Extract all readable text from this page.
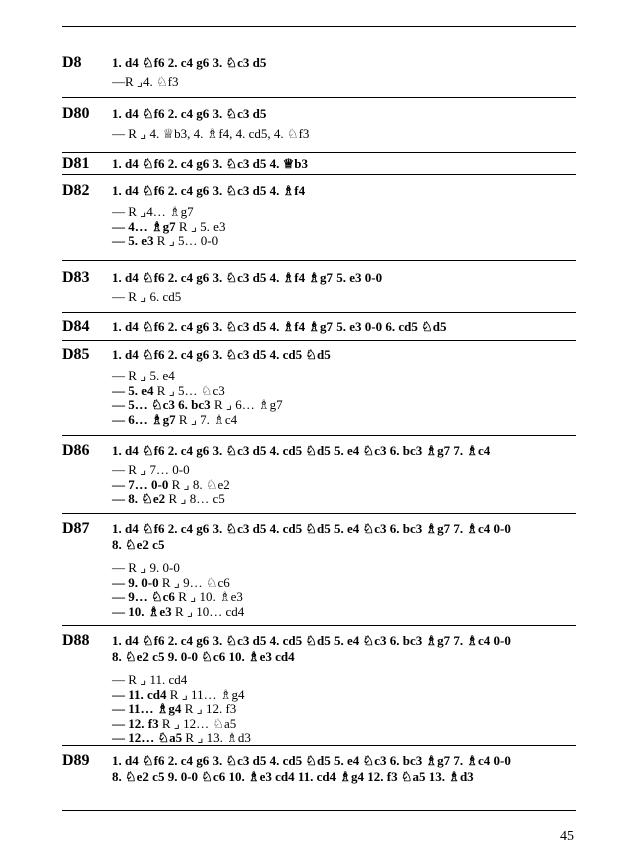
D8 1. d4 ♘f6 2. c4 g6 3. ♘c3 d5
—R ⌟4. ♘f3
D80 1. d4 ♘f6 2. c4 g6 3. ♘c3 d5
— R ⌟ 4. ♕b3, 4. ♗f4, 4. cd5, 4. ♘f3
D81 1. d4 ♘f6 2. c4 g6 3. ♘c3 d5 4. ♕b3
D82 1. d4 ♘f6 2. c4 g6 3. ♘c3 d5 4. ♗f4
— R ⌟4… ♗g7
— 4… ♗g7 R ⌟ 5. e3
— 5. e3 R ⌟ 5… 0-0
D83 1. d4 ♘f6 2. c4 g6 3. ♘c3 d5 4. ♗f4 ♗g7 5. e3 0-0
— R ⌟ 6. cd5
D84 1. d4 ♘f6 2. c4 g6 3. ♘c3 d5 4. ♗f4 ♗g7 5. e3 0-0 6. cd5 ♘d5
D85 1. d4 ♘f6 2. c4 g6 3. ♘c3 d5 4. cd5 ♘d5
— R ⌟ 5. e4
— 5. e4 R ⌟ 5… ♘c3
— 5… ♘c3 6. bc3 R ⌟ 6… ♗g7
— 6… ♗g7 R ⌟ 7. ♗c4
D86 1. d4 ♘f6 2. c4 g6 3. ♘c3 d5 4. cd5 ♘d5 5. e4 ♘c3 6. bc3 ♗g7 7. ♗c4
— R ⌟ 7… 0-0
— 7… 0-0 R ⌟ 8. ♘e2
— 8. ♘e2 R ⌟ 8… c5
D87 1. d4 ♘f6 2. c4 g6 3. ♘c3 d5 4. cd5 ♘d5 5. e4 ♘c3 6. bc3 ♗g7 7. ♗c4 0-0
8. ♘e2 c5
— R ⌟ 9. 0-0
— 9. 0-0 R ⌟ 9… ♘c6
— 9… ♘c6 R ⌟ 10. ♗e3
— 10. ♗e3 R ⌟ 10… cd4
D88 1. d4 ♘f6 2. c4 g6 3. ♘c3 d5 4. cd5 ♘d5 5. e4 ♘c3 6. bc3 ♗g7 7. ♗c4 0-0
8. ♘e2 c5 9. 0-0 ♘c6 10. ♗e3 cd4
— R ⌟ 11. cd4
— 11. cd4 R ⌟ 11… ♗g4
— 11… ♗g4 R ⌟ 12. f3
— 12. f3 R ⌟ 12… ♘a5
— 12… ♘a5 R ⌟ 13. ♗d3
D89 1. d4 ♘f6 2. c4 g6 3. ♘c3 d5 4. cd5 ♘d5 5. e4 ♘c3 6. bc3 ♗g7 7. ♗c4 0-0
8. ♘e2 c5 9. 0-0 ♘c6 10. ♗e3 cd4 11. cd4 ♗g4 12. f3 ♘a5 13. ♗d3
45
